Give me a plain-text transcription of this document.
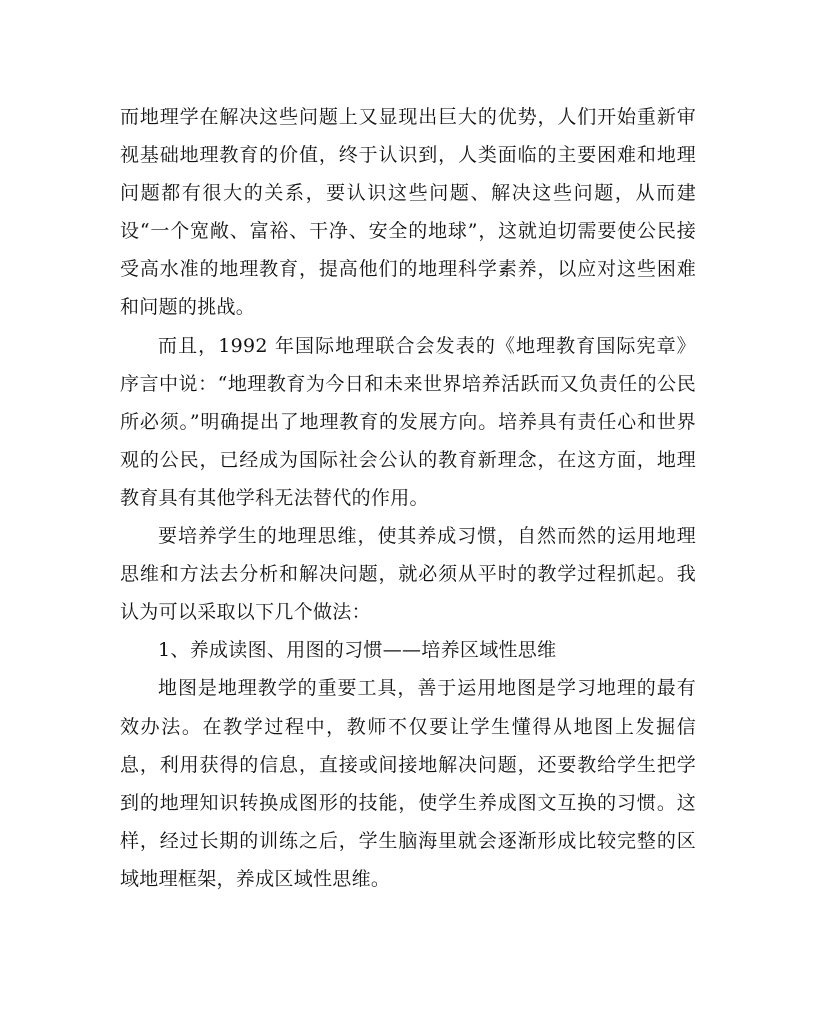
而地理学在解决这些问题上又显现出巨大的优势，人们开始重新审视基础地理教育的价值，终于认识到，人类面临的主要困难和地理问题都有很大的关系，要认识这些问题、解决这些问题，从而建设“一个宽敞、富裕、干净、安全的地球”，这就迫切需要使公民接受高水准的地理教育，提高他们的地理科学素养，以应对这些困难和问题的挑战。

而且，1992 年国际地理联合会发表的《地理教育国际宪章》序言中说：“地理教育为今日和未来世界培养活跃而又负责任的公民所必须。”明确提出了地理教育的发展方向。培养具有责任心和世界观的公民，已经成为国际社会公认的教育新理念，在这方面，地理教育具有其他学科无法替代的作用。

要培养学生的地理思维，使其养成习惯，自然而然的运用地理思维和方法去分析和解决问题，就必须从平时的教学过程抓起。我认为可以采取以下几个做法：

1、养成读图、用图的习惯——培养区域性思维

地图是地理教学的重要工具，善于运用地图是学习地理的最有效办法。在教学过程中，教师不仅要让学生懂得从地图上发掘信息，利用获得的信息，直接或间接地解决问题，还要教给学生把学到的地理知识转换成图形的技能，使学生养成图文互换的习惯。这样，经过长期的训练之后，学生脑海里就会逐渐形成比较完整的区域地理框架，养成区域性思维。
